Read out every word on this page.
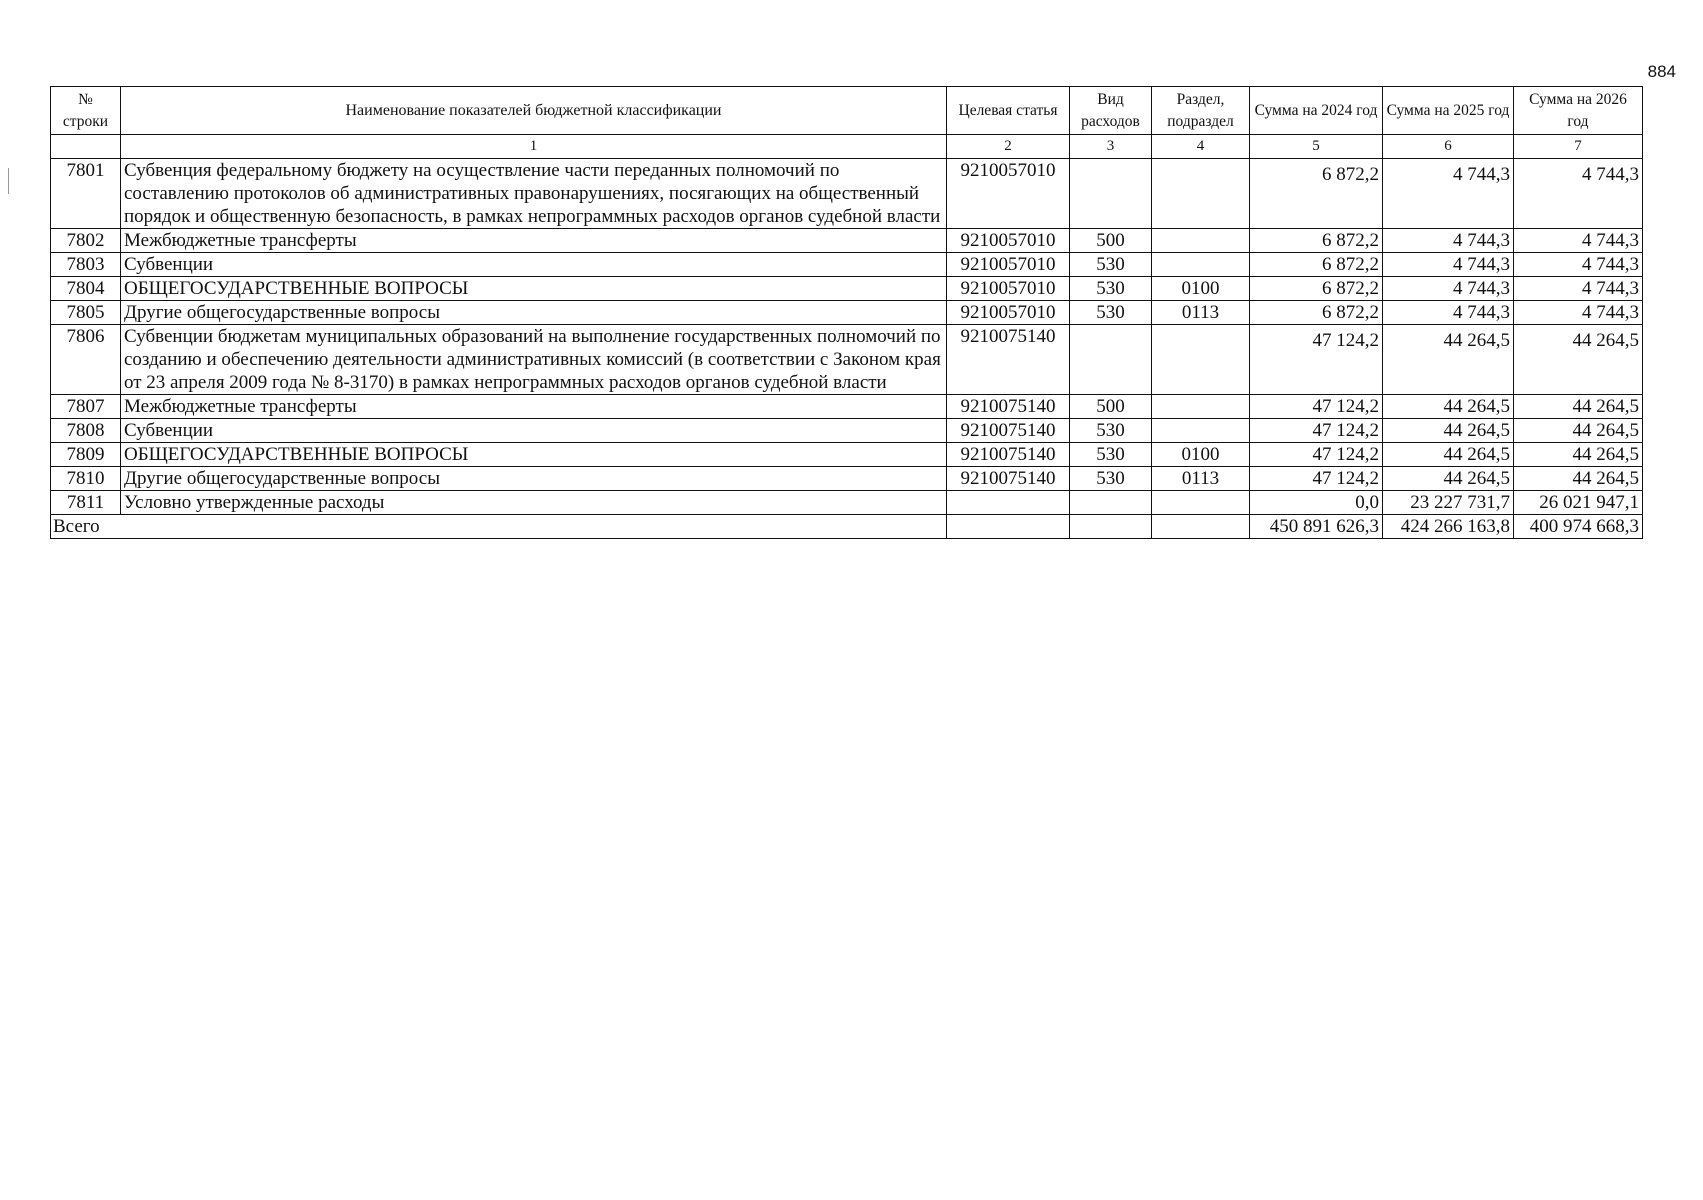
884
№ строки	Наименование показателей бюджетной классификации	Целевая статья	Вид расходов	Раздел, подраздел	Сумма на 2024 год	Сумма на 2025 год	Сумма на 2026 год
	1	2	3	4	5	6	7
7801	Субвенция федеральному бюджету на осуществление части переданных полномочий по составлению протоколов об административных правонарушениях, посягающих на общественный порядок и общественную безопасность, в рамках непрограммных расходов органов судебной власти	9210057010			6 872,2	4 744,3	4 744,3
7802	Межбюджетные трансферты	9210057010	500		6 872,2	4 744,3	4 744,3
7803	Субвенции	9210057010	530		6 872,2	4 744,3	4 744,3
7804	ОБЩЕГОСУДАРСТВЕННЫЕ ВОПРОСЫ	9210057010	530	0100	6 872,2	4 744,3	4 744,3
7805	Другие общегосударственные вопросы	9210057010	530	0113	6 872,2	4 744,3	4 744,3
7806	Субвенции бюджетам муниципальных образований на выполнение государственных полномочий по созданию и обеспечению деятельности административных комиссий (в соответствии с Законом края от 23 апреля 2009 года № 8-3170) в рамках непрограммных расходов органов судебной власти	9210075140			47 124,2	44 264,5	44 264,5
7807	Межбюджетные трансферты	9210075140	500		47 124,2	44 264,5	44 264,5
7808	Субвенции	9210075140	530		47 124,2	44 264,5	44 264,5
7809	ОБЩЕГОСУДАРСТВЕННЫЕ ВОПРОСЫ	9210075140	530	0100	47 124,2	44 264,5	44 264,5
7810	Другие общегосударственные вопросы	9210075140	530	0113	47 124,2	44 264,5	44 264,5
7811	Условно утвержденные расходы				0,0	23 227 731,7	26 021 947,1
Всего					450 891 626,3	424 266 163,8	400 974 668,3
